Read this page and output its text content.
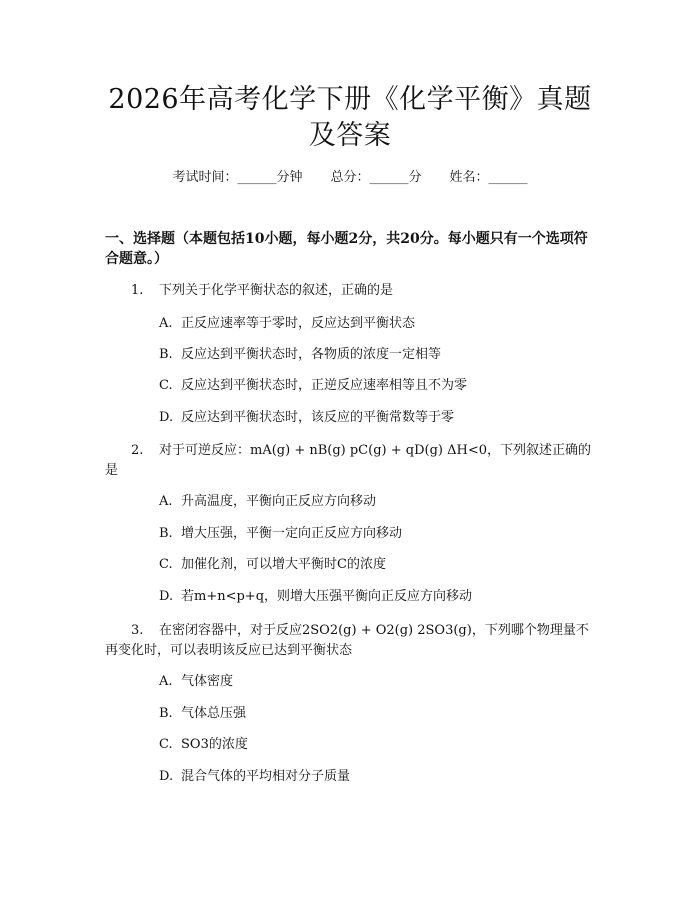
2026年高考化学下册《化学平衡》真题及答案
考试时间：______分钟 总分：______分 姓名：______

一、选择题（本题包括10小题，每小题2分，共20分。每小题只有一个选项符合题意。）

1. 下列关于化学平衡状态的叙述，正确的是

A. 正反应速率等于零时，反应达到平衡状态
B. 反应达到平衡状态时，各物质的浓度一定相等
C. 反应达到平衡状态时，正逆反应速率相等且不为零
D. 反应达到平衡状态时，该反应的平衡常数等于零

2. 对于可逆反应：mA(g) + nB(g) pC(g) + qD(g) ΔH<0，下列叙述正确的是

A. 升高温度，平衡向正反应方向移动
B. 增大压强，平衡一定向正反应方向移动
C. 加催化剂，可以增大平衡时C的浓度
D. 若m+n<p+q，则增大压强平衡向正反应方向移动

3. 在密闭容器中，对于反应2SO2(g) + O2(g) 2SO3(g)，下列哪个物理量不再变化时，可以表明该反应已达到平衡状态

A. 气体密度
B. 气体总压强
C. SO3的浓度
D. 混合气体的平均相对分子质量
